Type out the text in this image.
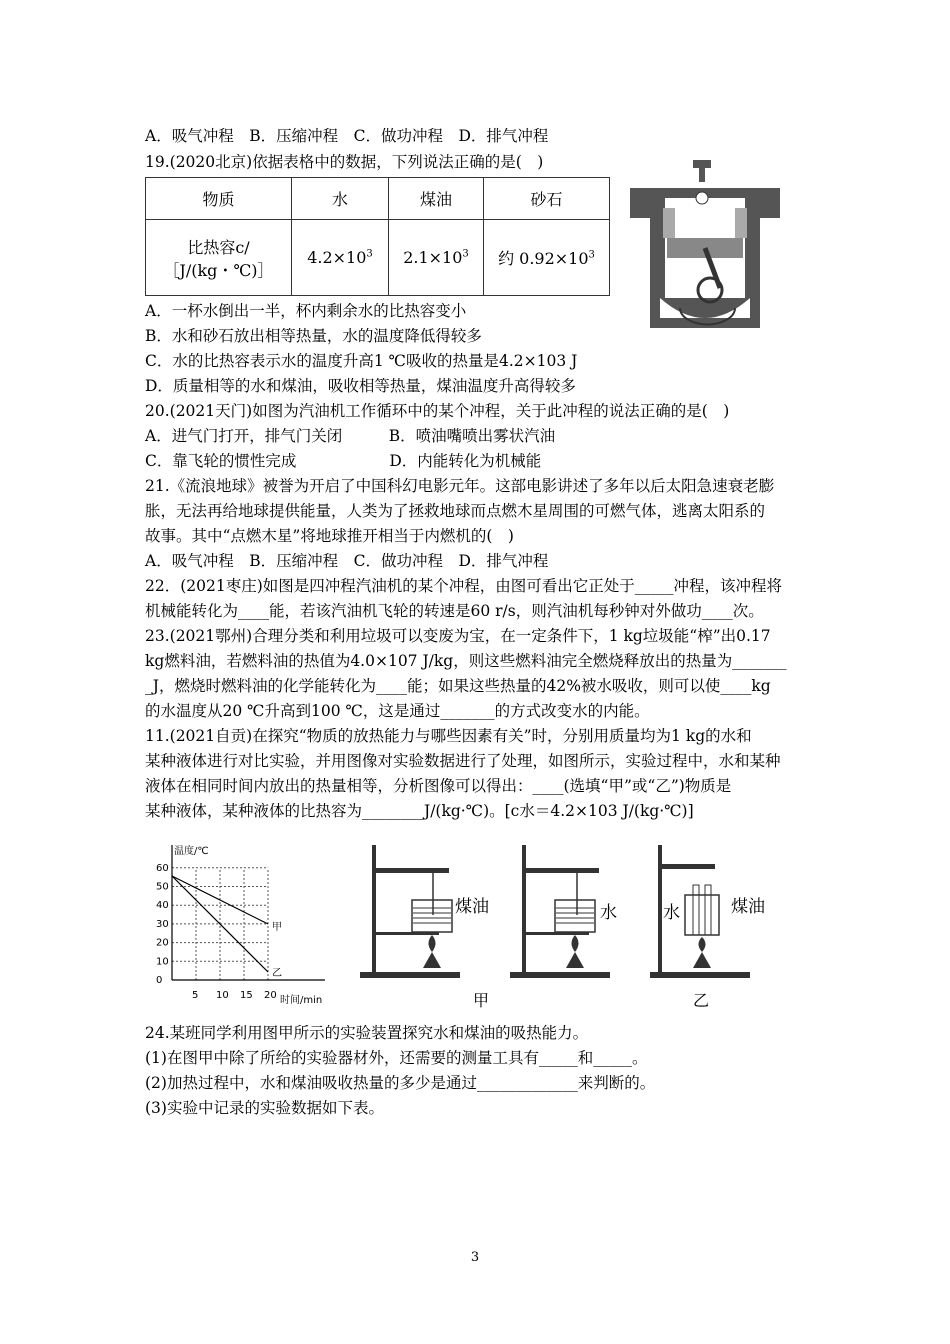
A．吸气冲程　B．压缩冲程　C．做功冲程　D．排气冲程
19.(2020北京)依据表格中的数据，下列说法正确的是(　)
A．一杯水倒出一半，杯内剩余水的比热容变小
B．水和砂石放出相等热量，水的温度降低得较多
C．水的比热容表示水的温度升高1 ℃吸收的热量是4.2×103 J
D．质量相等的水和煤油，吸收相等热量，煤油温度升高得较多
20.(2021天门)如图为汽油机工作循环中的某个冲程，关于此冲程的说法正确的是(　)
A．进气门打开，排气门关闭　　　B．喷油嘴喷出雾状汽油
C．靠飞轮的惯性完成　　　　　　D．内能转化为机械能
21.《流浪地球》被誉为开启了中国科幻电影元年。这部电影讲述了多年以后太阳急速衰老膨
胀，无法再给地球提供能量，人类为了拯救地球而点燃木星周围的可燃气体，逃离太阳系的
故事。其中“点燃木星”将地球推开相当于内燃机的(　)
A．吸气冲程　B．压缩冲程　C．做功冲程　D．排气冲程
22．(2021枣庄)如图是四冲程汽油机的某个冲程，由图可看出它正处于_____冲程，该冲程将
机械能转化为____能，若该汽油机飞轮的转速是60 r/s，则汽油机每秒钟对外做功____次。
23.(2021鄂州)合理分类和利用垃圾可以变废为宝，在一定条件下，1 kg垃圾能“榨”出0.17
kg燃料油，若燃料油的热值为4.0×107 J/kg，则这些燃料油完全燃烧释放出的热量为_______
_J，燃烧时燃料油的化学能转化为____能；如果这些热量的42%被水吸收，则可以使____kg
的水温度从20 ℃升高到100 ℃，这是通过_______的方式改变水的内能。
11.(2021自贡)在探究“物质的放热能力与哪些因素有关”时，分别用质量均为1 kg的水和
某种液体进行对比实验，并用图像对实验数据进行了处理，如图所示，实验过程中，水和某种
液体在相同时间内放出的热量相等，分析图像可以得出：____(选填“甲”或“乙”)物质是
某种液体，某种液体的比热容为________J/(kg·℃)。[c水＝4.2×103 J/(kg·℃)]
24.某班同学利用图甲所示的实验装置探究水和煤油的吸热能力。
(1)在图甲中除了所给的实验器材外，还需要的测量工具有_____和_____。
(2)加热过程中，水和煤油吸收热量的多少是通过_____________来判断的。
(3)实验中记录的实验数据如下表。
物质	水	煤油	砂石

比热容c/
［J/(kg・℃)］	$4.2\times 10^3$	$2.1\times 10^3$	约 $0.92\times 10^3$
温度/℃
时间/min
60
50
40
30
20
10
0
5 10 15 20
甲
乙
煤油	水	水	煤油
甲	乙
3
